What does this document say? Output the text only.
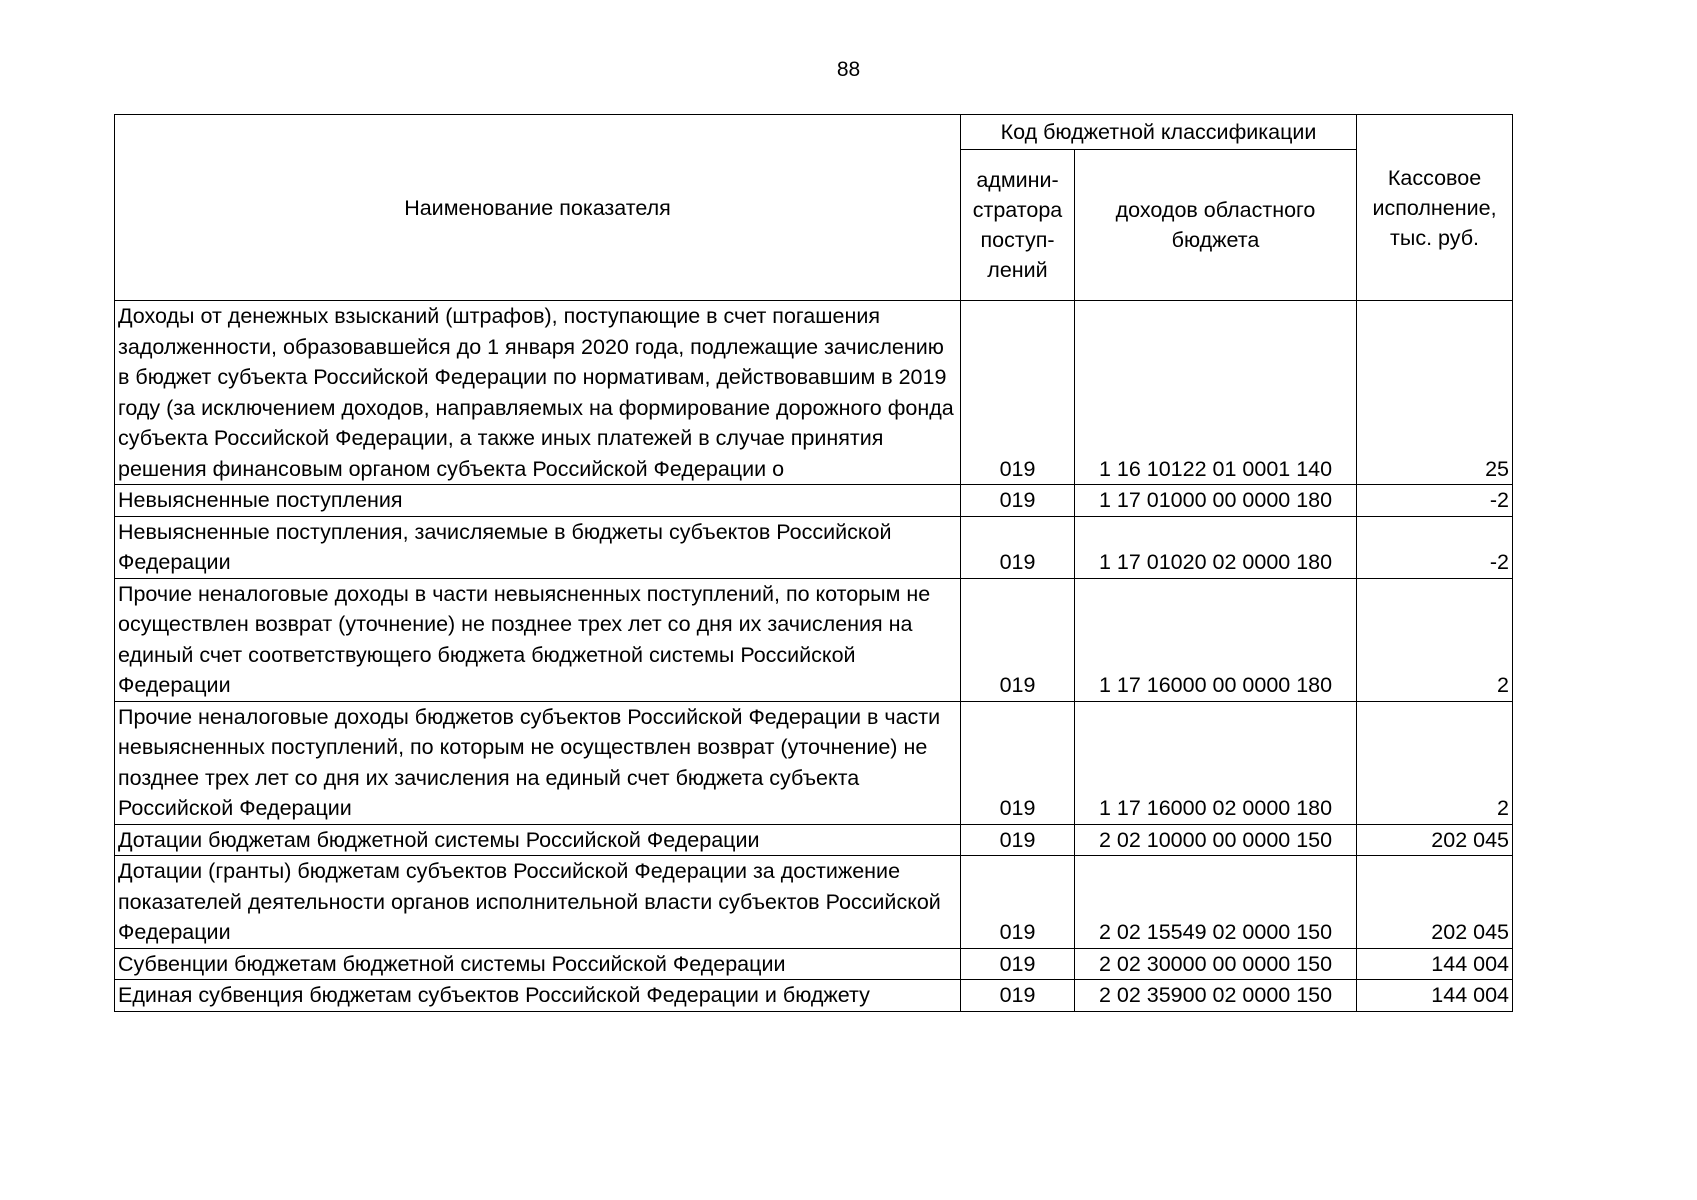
88
Наименование показателя	Код бюджетной классификации		Кассовое исполнение, тыс. руб.
	админи-стратора поступ-лений	доходов областного бюджета	
Доходы от денежных взысканий (штрафов), поступающие в счет погашения задолженности, образовавшейся до 1 января 2020 года, подлежащие зачислению в бюджет субъекта Российской Федерации по нормативам, действовавшим в 2019 году (за исключением доходов, направляемых на формирование дорожного фонда субъекта Российской Федерации, а также иных платежей в случае принятия решения финансовым органом субъекта Российской Федерации о	019	1 16 10122 01 0001 140	25
Невыясненные поступления	019	1 17 01000 00 0000 180	-2
Невыясненные поступления, зачисляемые в бюджеты субъектов Российской Федерации	019	1 17 01020 02 0000 180	-2
Прочие неналоговые доходы в части невыясненных поступлений, по которым не осуществлен возврат (уточнение) не позднее трех лет со дня их зачисления на единый счет соответствующего бюджета бюджетной системы Российской Федерации	019	1 17 16000 00 0000 180	2
Прочие неналоговые доходы бюджетов субъектов Российской Федерации в части невыясненных поступлений, по которым не осуществлен возврат (уточнение) не позднее трех лет со дня их зачисления на единый счет бюджета субъекта Российской Федерации	019	1 17 16000 02 0000 180	2
Дотации бюджетам бюджетной системы Российской Федерации	019	2 02 10000 00 0000 150	202 045
Дотации (гранты) бюджетам субъектов Российской Федерации за достижение показателей деятельности органов исполнительной власти субъектов Российской Федерации	019	2 02 15549 02 0000 150	202 045
Субвенции бюджетам бюджетной системы Российской Федерации	019	2 02 30000 00 0000 150	144 004
Единая субвенция бюджетам субъектов Российской Федерации и бюджету	019	2 02 35900 02 0000 150	144 004
